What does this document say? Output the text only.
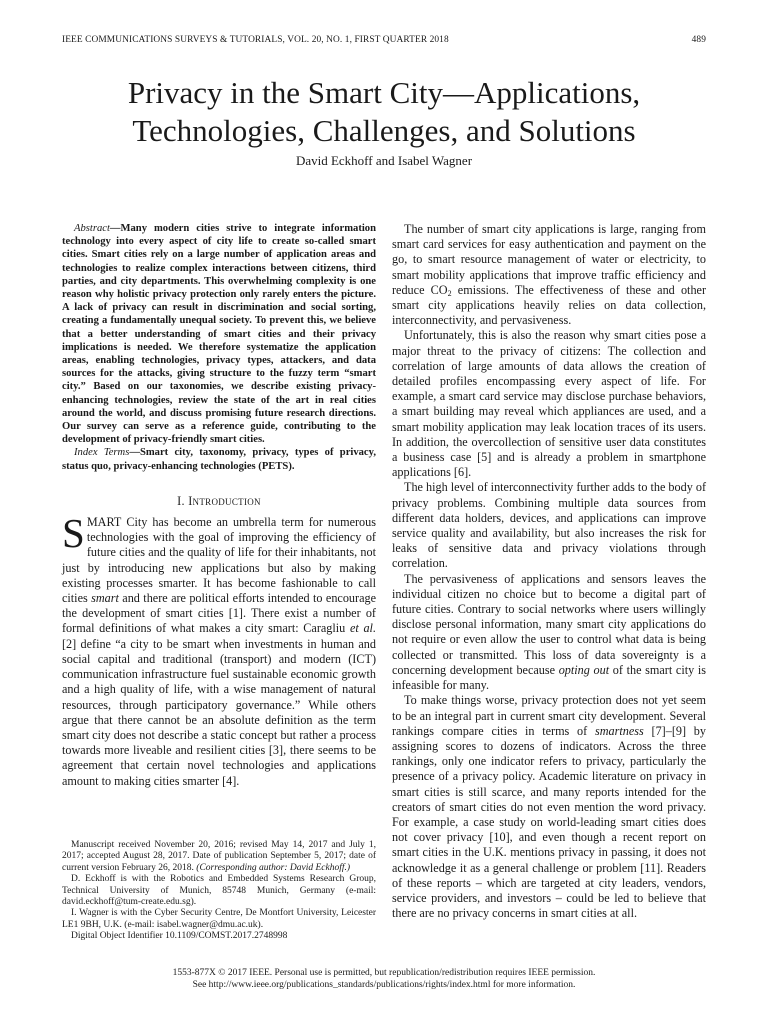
IEEE COMMUNICATIONS SURVEYS & TUTORIALS, VOL. 20, NO. 1, FIRST QUARTER 2018	489
Privacy in the Smart City—Applications,
Technologies, Challenges, and Solutions
David Eckhoff and Isabel Wagner

Abstract—Many modern cities strive to integrate information technology into every aspect of city life to create so-called smart cities. Smart cities rely on a large number of application areas and technologies to realize complex interactions between citizens, third parties, and city departments. This overwhelming complexity is one reason why holistic privacy protection only rarely enters the picture. A lack of privacy can result in discrimination and social sorting, creating a fundamentally unequal society. To prevent this, we believe that a better understanding of smart cities and their privacy implications is needed. We therefore systematize the application areas, enabling technologies, privacy types, attackers, and data sources for the attacks, giving structure to the fuzzy term “smart city.” Based on our taxonomies, we describe existing privacy-enhancing technologies, review the state of the art in real cities around the world, and discuss promising future research directions. Our survey can serve as a reference guide, contributing to the development of privacy-friendly smart cities.

Index Terms—Smart city, taxonomy, privacy, types of privacy, status quo, privacy-enhancing technologies (PETS).

I. Introduction

SMART City has become an umbrella term for numerous technologies with the goal of improving the efficiency of future cities and the quality of life for their inhabitants, not just by introducing new applications but also by making existing processes smarter. It has become fashionable to call cities smart and there are political efforts intended to encourage the development of smart cities [1]. There exist a number of formal definitions of what makes a city smart: Caragliu et al. [2] define “a city to be smart when investments in human and social capital and traditional (transport) and modern (ICT) communication infrastructure fuel sustainable economic growth and a high quality of life, with a wise management of natural resources, through participatory governance.” While others argue that there cannot be an absolute definition as the term smart city does not describe a static concept but rather a process towards more liveable and resilient cities [3], there seems to be agreement that certain novel technologies and applications amount to making cities smarter [4].

Manuscript received November 20, 2016; revised May 14, 2017 and July 1, 2017; accepted August 28, 2017. Date of publication September 5, 2017; date of current version February 26, 2018. (Corresponding author: David Eckhoff.)

D. Eckhoff is with the Robotics and Embedded Systems Research Group, Technical University of Munich, 85748 Munich, Germany (e-mail: david.eckhoff@tum-create.edu.sg).

I. Wagner is with the Cyber Security Centre, De Montfort University, Leicester LE1 9BH, U.K. (e-mail: isabel.wagner@dmu.ac.uk).

Digital Object Identifier 10.1109/COMST.2017.2748998

The number of smart city applications is large, ranging from smart card services for easy authentication and payment on the go, to smart resource management of water or electricity, to smart mobility applications that improve traffic efficiency and reduce $CO_2$ emissions. The effectiveness of these and other smart city applications heavily relies on data collection, interconnectivity, and pervasiveness.

Unfortunately, this is also the reason why smart cities pose a major threat to the privacy of citizens: The collection and correlation of large amounts of data allows the creation of detailed profiles encompassing every aspect of life. For example, a smart card service may disclose purchase behaviors, a smart building may reveal which appliances are used, and a smart mobility application may leak location traces of its users. In addition, the overcollection of sensitive user data constitutes a business case [5] and is already a problem in smartphone applications [6].

The high level of interconnectivity further adds to the body of privacy problems. Combining multiple data sources from different data holders, devices, and applications can improve service quality and availability, but also increases the risk for leaks of sensitive data and privacy violations through correlation.

The pervasiveness of applications and sensors leaves the individual citizen no choice but to become a digital part of future cities. Contrary to social networks where users willingly disclose personal information, many smart city applications do not require or even allow the user to control what data is being collected or transmitted. This loss of data sovereignty is a concerning development because opting out of the smart city is infeasible for many.

To make things worse, privacy protection does not yet seem to be an integral part in current smart city development. Several rankings compare cities in terms of smartness [7]–[9] by assigning scores to dozens of indicators. Across the three rankings, only one indicator refers to privacy, particularly the presence of a privacy policy. Academic literature on privacy in smart cities is still scarce, and many reports intended for the creators of smart cities do not even mention the word privacy. For example, a case study on world-leading smart cities does not cover privacy [10], and even though a recent report on smart cities in the U.K. mentions privacy in passing, it does not acknowledge it as a general challenge or problem [11]. Readers of these reports – which are targeted at city leaders, vendors, service providers, and investors – could be led to believe that there are no privacy concerns in smart cities at all.

1553-877X © 2017 IEEE. Personal use is permitted, but republication/redistribution requires IEEE permission.
See http://www.ieee.org/publications_standards/publications/rights/index.html for more information.
